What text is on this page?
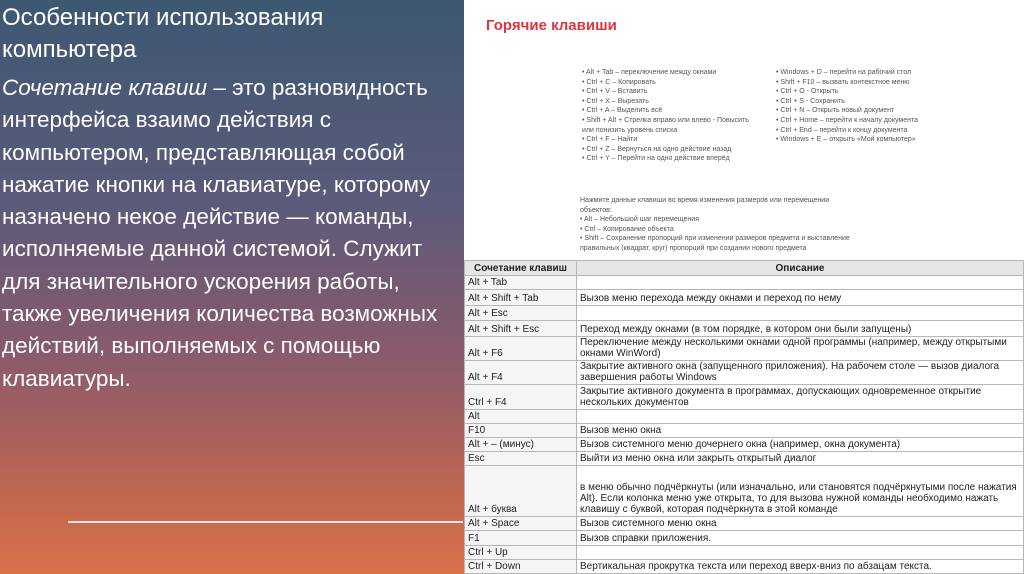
Особенности использования компьютера

Сочетание клавиш – это разновидность интерфейса взаимо действия с компьютером, представляющая собой нажатие кнопки на клавиатуре, которому назначено некое действие — команды, исполняемые данной системой. Служит для значительного ускорения работы, также увеличения количества возможных действий, выполняемых с помощью клавиатуры.

Горячие клавиши
• Alt + Tab – переключение между окнами
• Ctrl + C – Копировать
• Ctrl + V – Вставить
• Ctrl + X – Вырезать
• Ctrl + A – Выделить всё
• Shift + Alt + Стрелка вправо или влево - Повысить
или понизить уровень списка
• Ctrl + F – Найти
• Ctrl + Z – Вернуться на одно действие назад
• Ctrl + Y – Перейти на одно действие вперёд
• Windows + D – перейти на рабочий стол
• Shift + F10 – вызвать контекстное меню
• Ctrl + O - Открыть
• Ctrl + S - Сохранить
• Ctrl + N – Открыть новый документ
• Ctrl + Home – перейти к началу документа
• Ctrl + End – перейти к концу документа
• Windows + E – открыть «Мой компьютер»
Нажмите данные клавиши во время изменения размеров или перемещении
объектов:
• Alt – Небольшой шаг перемещения
• Ctrl – Копирование объекта
• Shift – Сохранение пропорций при изменении размеров предмета и выставление
правильных (квадрат, круг) пропорций при создании нового предмета
Сочетание клавиш	Описание
Alt + Tab	
Alt + Shift + Tab	Вызов меню перехода между окнами и переход по нему
Alt + Esc	
Alt + Shift + Esc	Переход между окнами (в том порядке, в котором они были запущены)
Alt + F6	Переключение между несколькими окнами одной программы (например, между открытыми окнами WinWord)
Alt + F4	Закрытие активного окна (запущенного приложения). На рабочем столе — вызов диалога завершения работы Windows
Ctrl + F4	Закрытие активного документа в программах, допускающих одновременное открытие нескольких документов
Alt	
F10	Вызов меню окна
Alt + – (минус)	Вызов системного меню дочернего окна (например, окна документа)
Esc	Выйти из меню окна или закрыть открытый диалог
Alt + буква	в меню обычно подчёркнуты (или изначально, или становятся подчёркнутыми после нажатия Alt). Если колонка меню уже открыта, то для вызова нужной команды необходимо нажать клавишу с буквой, которая подчёркнута в этой команде
Alt + Space	Вызов системного меню окна
F1	Вызов справки приложения.
Ctrl + Up	
Ctrl + Down	Вертикальная прокрутка текста или переход вверх-вниз по абзацам текста.
